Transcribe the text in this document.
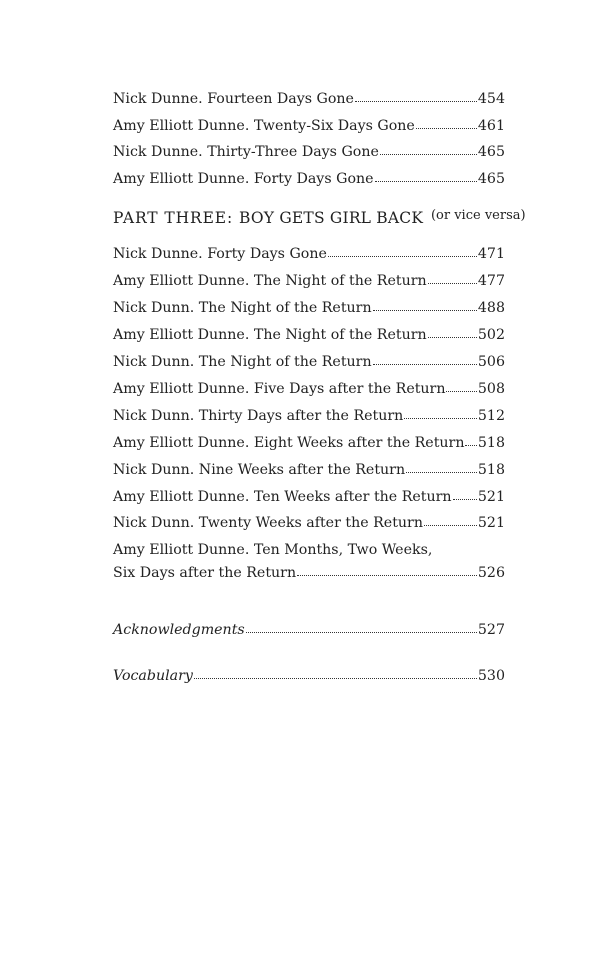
Nick Dunne. Fourteen Days Gone	454
Amy Elliott Dunne. Twenty-Six Days Gone	461
Nick Dunne. Thirty-Three Days Gone	465
Amy Elliott Dunne. Forty Days Gone	465
PART THREE: BOY GETS GIRL BACK $^{(or vice versa)}$
Nick Dunne. Forty Days Gone	471
Amy Elliott Dunne. The Night of the Return	477
Nick Dunn. The Night of the Return	488
Amy Elliott Dunne. The Night of the Return	502
Nick Dunn. The Night of the Return	506
Amy Elliott Dunne. Five Days after the Return 508
Nick Dunn. Thirty Days after the Return	512
Amy Elliott Dunne. Eight Weeks after the Return 518
Nick Dunn. Nine Weeks after the Return	518
Amy Elliott Dunne. Ten Weeks after the Return 521
Nick Dunn. Twenty Weeks after the Return	521
Amy Elliott Dunne. Ten Months, Two Weeks,
Six Days after the Return	526
Acknowledgments	527
Vocabulary	530
